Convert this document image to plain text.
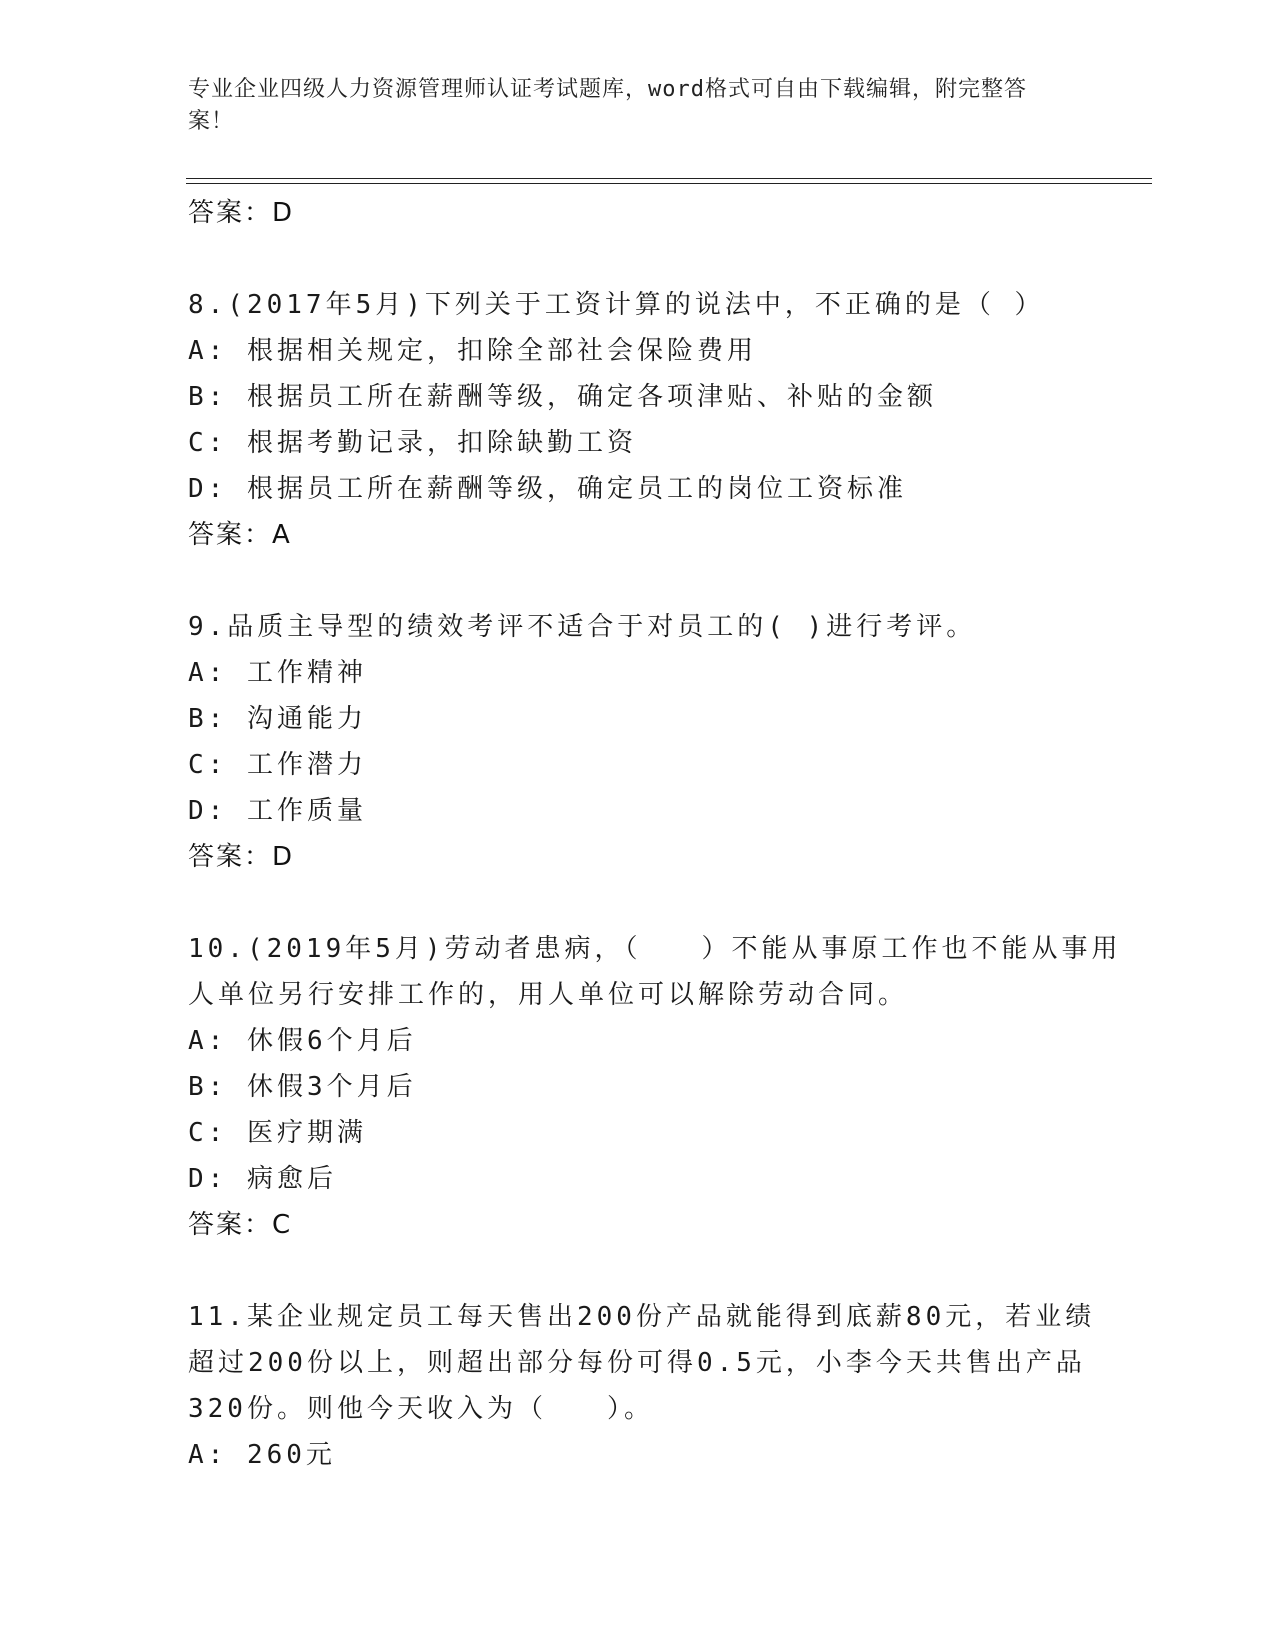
专业企业四级人力资源管理师认证考试题库，word格式可自由下载编辑，附完整答案！
答案：D
8.(2017年5月)下列关于工资计算的说法中，不正确的是（ ）
A: 根据相关规定，扣除全部社会保险费用
B: 根据员工所在薪酬等级，确定各项津贴、补贴的金额
C: 根据考勤记录，扣除缺勤工资
D: 根据员工所在薪酬等级，确定员工的岗位工资标准
答案：A
9.品质主导型的绩效考评不适合于对员工的( )进行考评。
A: 工作精神
B: 沟通能力
C: 工作潜力
D: 工作质量
答案：D
10.(2019年5月)劳动者患病，（　　）不能从事原工作也不能从事用
人单位另行安排工作的，用人单位可以解除劳动合同。
A: 休假6个月后
B: 休假3个月后
C: 医疗期满
D: 病愈后
答案：C
11.某企业规定员工每天售出200份产品就能得到底薪80元，若业绩
超过200份以上，则超出部分每份可得0.5元，小李今天共售出产品
320份。则他今天收入为（　　）。
A: 260元
